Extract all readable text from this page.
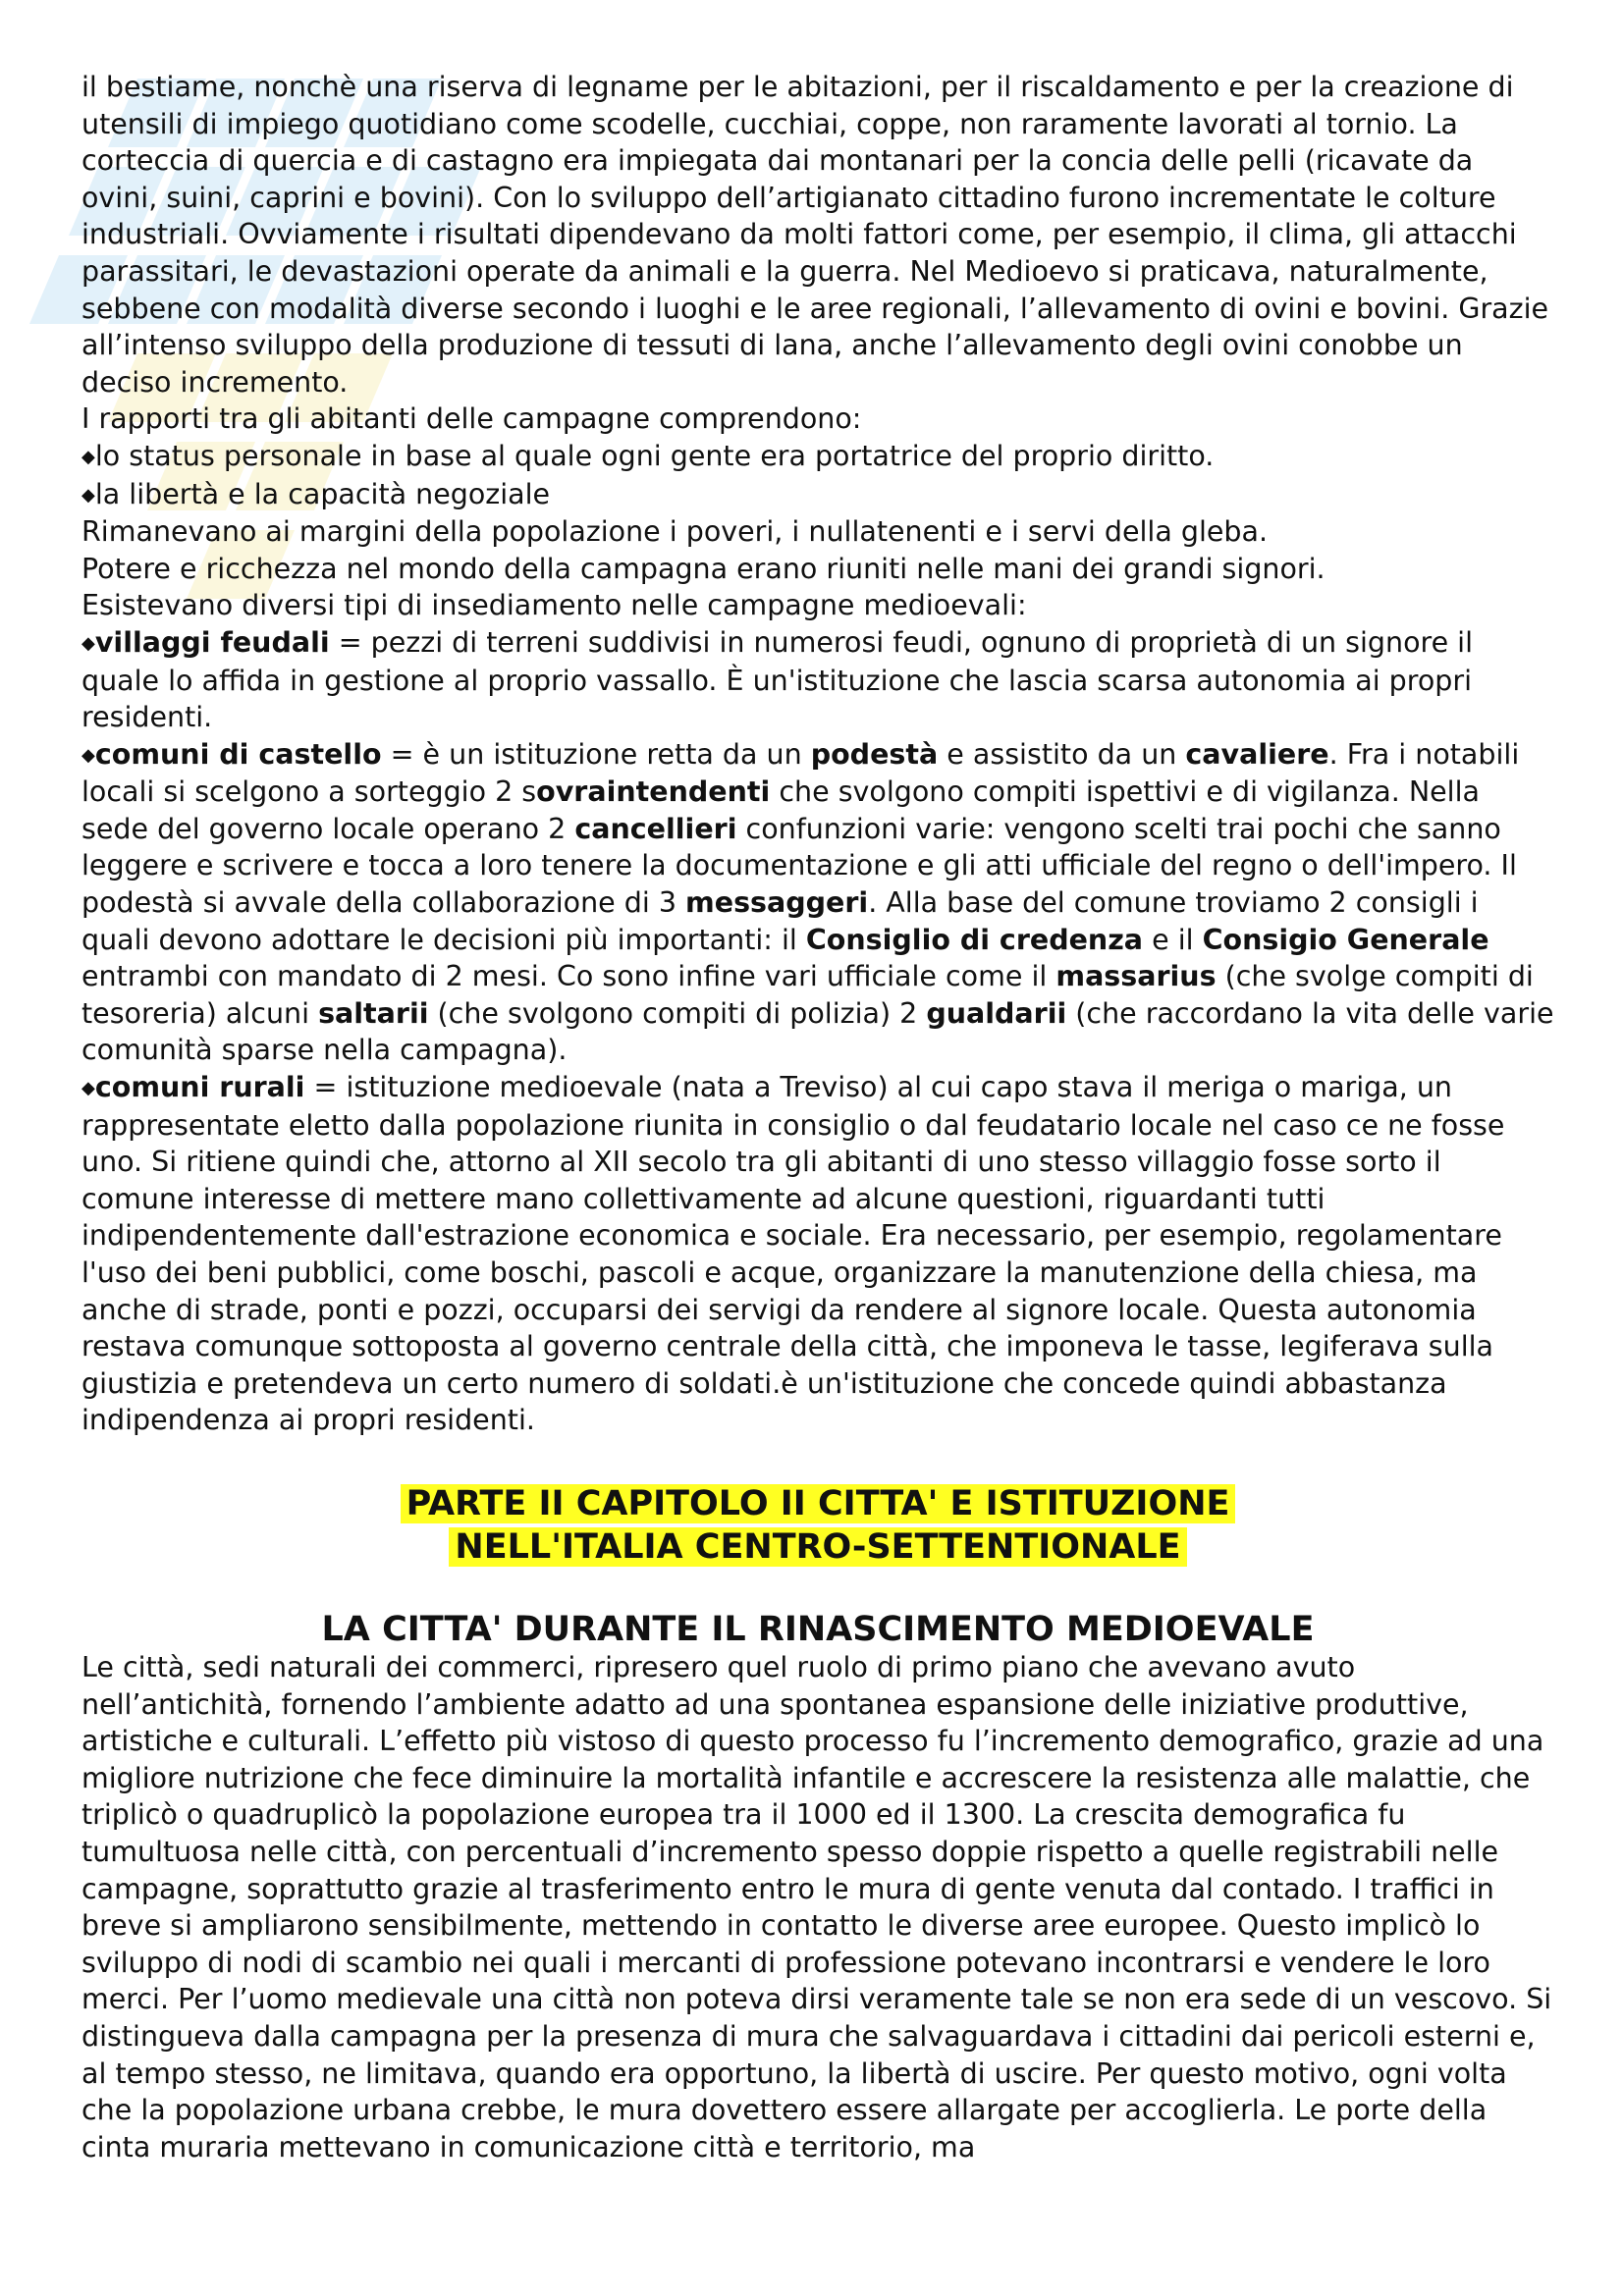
il bestiame, nonchè una riserva di legname per le abitazioni, per il riscaldamento e per la creazione di utensili di impiego quotidiano come scodelle, cucchiai, coppe, non raramente lavorati al tornio. La corteccia di quercia e di castagno era impiegata dai montanari per la concia delle pelli (ricavate da ovini, suini, caprini e bovini). Con lo sviluppo dell’artigianato cittadino furono incrementate le colture industriali. Ovviamente i risultati dipendevano da molti fattori come, per esempio, il clima, gli attacchi parassitari, le devastazioni operate da animali e la guerra. Nel Medioevo si praticava, naturalmente, sebbene con modalità diverse secondo i luoghi e le aree regionali, l’allevamento di ovini e bovini. Grazie all’intenso sviluppo della produzione di tessuti di lana, anche l’allevamento degli ovini conobbe un deciso incremento.

I rapporti tra gli abitanti delle campagne comprendono:

◆ lo status personale in base al quale ogni gente era portatrice del proprio diritto.

◆ la libertà e la capacità negoziale

Rimanevano ai margini della popolazione i poveri, i nullatenenti e i servi della gleba.

Potere e ricchezza nel mondo della campagna erano riuniti nelle mani dei grandi signori.

Esistevano diversi tipi di insediamento nelle campagne medioevali:

◆ villaggi feudali = pezzi di terreni suddivisi in numerosi feudi, ognuno di proprietà di un signore il quale lo affida in gestione al proprio vassallo. È un'istituzione che lascia scarsa autonomia ai propri residenti.

◆ comuni di castello = è un istituzione retta da un podestà e assistito da un cavaliere. Fra i notabili locali si scelgono a sorteggio 2 sovraintendenti che svolgono compiti ispettivi e di vigilanza. Nella sede del governo locale operano 2 cancellieri confunzioni varie: vengono scelti trai pochi che sanno leggere e scrivere e tocca a loro tenere la documentazione e gli atti ufficiale del regno o dell'impero. Il podestà si avvale della collaborazione di 3 messaggeri. Alla base del comune troviamo 2 consigli i quali devono adottare le decisioni più importanti: il Consiglio di credenza e il Consigio Generale entrambi con mandato di 2 mesi. Co sono infine vari ufficiale come il massarius (che svolge compiti di tesoreria) alcuni saltarii (che svolgono compiti di polizia) 2 gualdarii (che raccordano la vita delle varie comunità sparse nella campagna).

◆ comuni rurali = istituzione medioevale (nata a Treviso) al cui capo stava il meriga o mariga, un rappresentate eletto dalla popolazione riunita in consiglio o dal feudatario locale nel caso ce ne fosse uno. Si ritiene quindi che, attorno al XII secolo tra gli abitanti di uno stesso villaggio fosse sorto il comune interesse di mettere mano collettivamente ad alcune questioni, riguardanti tutti indipendentemente dall'estrazione economica e sociale. Era necessario, per esempio, regolamentare l'uso dei beni pubblici, come boschi, pascoli e acque, organizzare la manutenzione della chiesa, ma anche di strade, ponti e pozzi, occuparsi dei servigi da rendere al signore locale. Questa autonomia restava comunque sottoposta al governo centrale della città, che imponeva le tasse, legiferava sulla giustizia e pretendeva un certo numero di soldati.è un'istituzione che concede quindi abbastanza indipendenza ai propri residenti.

PARTE II CAPITOLO II CITTA' E ISTITUZIONE
NELL'ITALIA CENTRO-SETTENTIONALE
LA CITTA' DURANTE IL RINASCIMENTO MEDIOEVALE

Le città, sedi naturali dei commerci, ripresero quel ruolo di primo piano che avevano avuto nell’antichità, fornendo l’ambiente adatto ad una spontanea espansione delle iniziative produttive, artistiche e culturali. L’effetto più vistoso di questo processo fu l’incremento demografico, grazie ad una migliore nutrizione che fece diminuire la mortalità infantile e accrescere la resistenza alle malattie, che triplicò o quadruplicò la popolazione europea tra il 1000 ed il 1300. La crescita demografica fu tumultuosa nelle città, con percentuali d’incremento spesso doppie rispetto a quelle registrabili nelle campagne, soprattutto grazie al trasferimento entro le mura di gente venuta dal contado. I traffici in breve si ampliarono sensibilmente, mettendo in contatto le diverse aree europee. Questo implicò lo sviluppo di nodi di scambio nei quali i mercanti di professione potevano incontrarsi e vendere le loro merci. Per l’uomo medievale una città non poteva dirsi veramente tale se non era sede di un vescovo. Si distingueva dalla campagna per la presenza di mura che salvaguardava i cittadini dai pericoli esterni e, al tempo stesso, ne limitava, quando era opportuno, la libertà di uscire. Per questo motivo, ogni volta che la popolazione urbana crebbe, le mura dovettero essere allargate per accoglierla. Le porte della cinta muraria mettevano in comunicazione città e territorio, ma
